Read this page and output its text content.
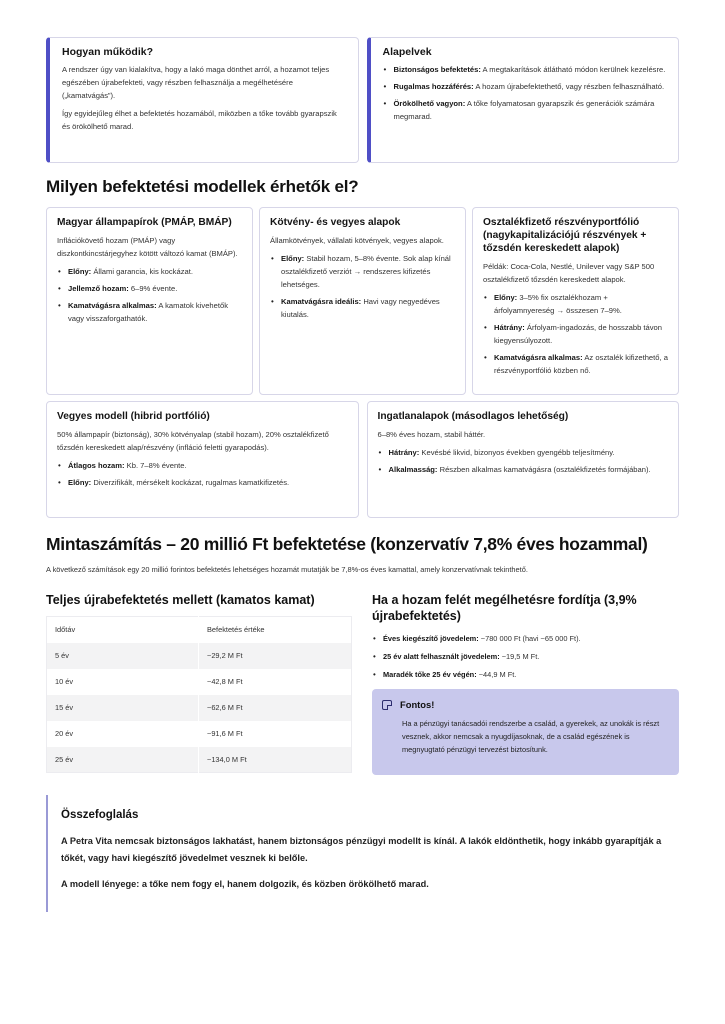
Hogyan működik?

A rendszer úgy van kialakítva, hogy a lakó maga dönthet arról, a hozamot teljes egészében újrabefekteti, vagy részben felhasználja a megélhetésére („kamatvágás”).

Így egyidejűleg élhet a befektetés hozamából, miközben a tőke tovább gyarapszik és örökölhető marad.

Alapelvek
• Biztonságos befektetés: A megtakarítások átlátható módon kerülnek kezelésre.
• Rugalmas hozzáférés: A hozam újrabefektethető, vagy részben felhasználható.
• Örökölhető vagyon: A tőke folyamatosan gyarapszik és generációk számára megmarad.
Milyen befektetési modellek érhetők el?
Magyar állampapírok (PMÁP, BMÁP)

Inflációkövető hozam (PMÁP) vagy diszkontkincstárjegyhez kötött változó kamat (BMÁP).

• Előny: Állami garancia, kis kockázat.
• Jellemző hozam: 6–9% évente.
• Kamatvágásra alkalmas: A kamatok kivehetők vagy visszaforgathatók.
Kötvény- és vegyes alapok

Államkötvények, vállalati kötvények, vegyes alapok.

• Előny: Stabil hozam, 5–8% évente. Sok alap kínál osztalékfizető verziót → rendszeres kifizetés lehetséges.
• Kamatvágásra ideális: Havi vagy negyedéves kiutalás.
Osztalékfizető részvényportfólió (nagykapitalizációjú részvények + tőzsdén kereskedett alapok)

Példák: Coca-Cola, Nestlé, Unilever vagy S&P 500 osztalékfizető tőzsdén kereskedett alapok.

• Előny: 3–5% fix osztalékhozam + árfolyamnyereség → összesen 7–9%.
• Hátrány: Árfolyam-ingadozás, de hosszabb távon kiegyensúlyozott.
• Kamatvágásra alkalmas: Az osztalék kifizethető, a részvényportfólió közben nő.
Vegyes modell (hibrid portfólió)

50% állampapír (biztonság), 30% kötvényalap (stabil hozam), 20% osztalékfizető tőzsdén kereskedett alap/részvény (infláció feletti gyarapodás).

• Átlagos hozam: Kb. 7–8% évente.
• Előny: Diverzifikált, mérsékelt kockázat, rugalmas kamatkifizetés.
Ingatlanalapok (másodlagos lehetőség)

6–8% éves hozam, stabil háttér.

• Hátrány: Kevésbé likvid, bizonyos években gyengébb teljesítmény.
• Alkalmasság: Részben alkalmas kamatvágásra (osztalékfizetés formájában).
Mintaszámítás – 20 millió Ft befektetése (konzervatív 7,8% éves hozammal)

A következő számítások egy 20 millió forintos befektetés lehetséges hozamát mutatják be 7,8%-os éves kamattal, amely konzervatívnak tekinthető.

Teljes újrabefektetés mellett (kamatos kamat)
Időtáv	Befektetés értéke
5 év	~29,2 M Ft
10 év	~42,8 M Ft
15 év	~62,6 M Ft
20 év	~91,6 M Ft
25 év	~134,0 M Ft
Ha a hozam felét megélhetésre fordítja (3,9% újrabefektetés)
• Éves kiegészítő jövedelem: ~780 000 Ft (havi ~65 000 Ft).
• 25 év alatt felhasznált jövedelem: ~19,5 M Ft.
• Maradék tőke 25 év végén: ~44,9 M Ft.
Fontos!

Ha a pénzügyi tanácsadói rendszerbe a család, a gyerekek, az unokák is részt vesznek, akkor nemcsak a nyugdíjasoknak, de a család egészének is megnyugtató pénzügyi tervezést biztosítunk.

Összefoglalás

A Petra Vita nemcsak biztonságos lakhatást, hanem biztonságos pénzügyi modellt is kínál. A lakók eldönthetik, hogy inkább gyarapítják a tőkét, vagy havi kiegészítő jövedelmet vesznek ki belőle.

A modell lényege: a tőke nem fogy el, hanem dolgozik, és közben örökölhető marad.
